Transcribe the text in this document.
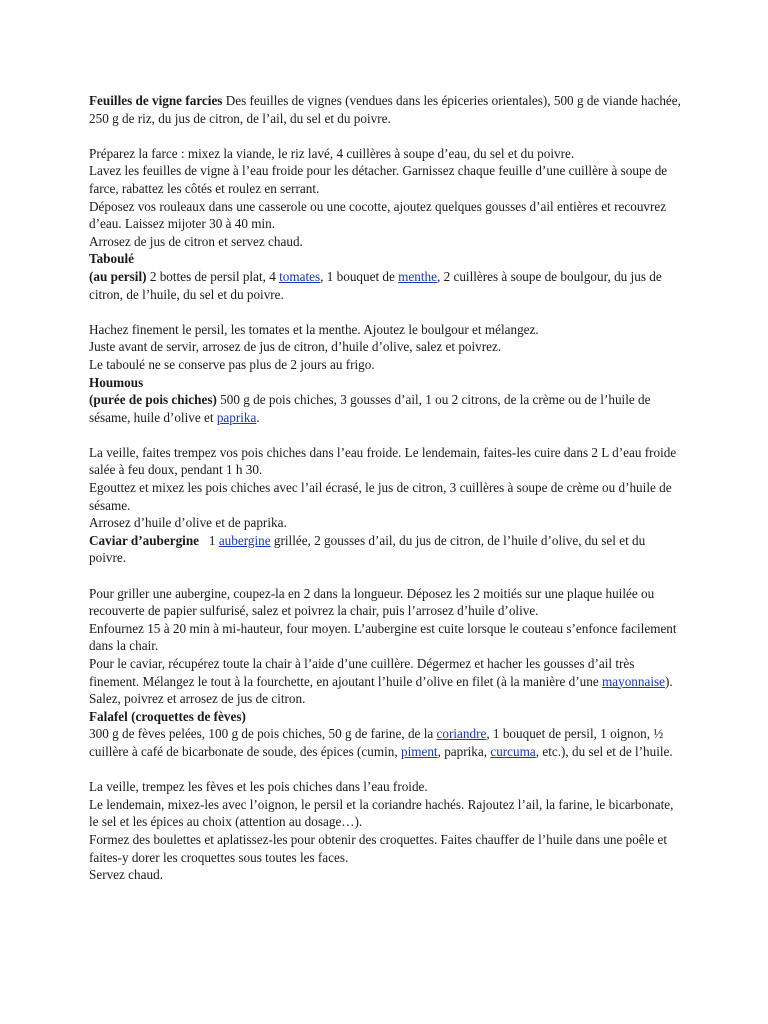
Feuilles de vigne farcies Des feuilles de vignes (vendues dans les épiceries orientales), 500 g de viande hachée, 250 g de riz, du jus de citron, de l’ail, du sel et du poivre.

Préparez la farce : mixez la viande, le riz lavé, 4 cuillères à soupe d’eau, du sel et du poivre.

Lavez les feuilles de vigne à l’eau froide pour les détacher. Garnissez chaque feuille d’une cuillère à soupe de farce, rabattez les côtés et roulez en serrant.

Déposez vos rouleaux dans une casserole ou une cocotte, ajoutez quelques gousses d’ail entières et recouvrez d’eau. Laissez mijoter 30 à 40 min.

Arrosez de jus de citron et servez chaud.

Taboulé

(au persil) 2 bottes de persil plat, 4 tomates, 1 bouquet de menthe, 2 cuillères à soupe de boulgour, du jus de citron, de l’huile, du sel et du poivre.

Hachez finement le persil, les tomates et la menthe. Ajoutez le boulgour et mélangez.

Juste avant de servir, arrosez de jus de citron, d’huile d’olive, salez et poivrez.

Le taboulé ne se conserve pas plus de 2 jours au frigo.

Houmous

(purée de pois chiches) 500 g de pois chiches, 3 gousses d’ail, 1 ou 2 citrons, de la crème ou de l’huile de sésame, huile d’olive et paprika.

La veille, faites trempez vos pois chiches dans l’eau froide. Le lendemain, faites-les cuire dans 2 L d’eau froide salée à feu doux, pendant 1 h 30.

Egouttez et mixez les pois chiches avec l’ail écrasé, le jus de citron, 3 cuillères à soupe de crème ou d’huile de sésame.

Arrosez d’huile d’olive et de paprika.

Caviar d’aubergine   1 aubergine grillée, 2 gousses d’ail, du jus de citron, de l’huile d’olive, du sel et du poivre.

Pour griller une aubergine, coupez-la en 2 dans la longueur. Déposez les 2 moitiés sur une plaque huilée ou recouverte de papier sulfurisé, salez et poivrez la chair, puis l’arrosez d’huile d’olive.

Enfournez 15 à 20 min à mi-hauteur, four moyen. L’aubergine est cuite lorsque le couteau s’enfonce facilement dans la chair.

Pour le caviar, récupérez toute la chair à l’aide d’une cuillère. Dégermez et hacher les gousses d’ail très finement. Mélangez le tout à la fourchette, en ajoutant l’huile d’olive en filet (à la manière d’une mayonnaise).

Salez, poivrez et arrosez de jus de citron.

Falafel (croquettes de fèves)

300 g de fèves pelées, 100 g de pois chiches, 50 g de farine, de la coriandre, 1 bouquet de persil, 1 oignon, ½ cuillère à café de bicarbonate de soude, des épices (cumin, piment, paprika, curcuma, etc.), du sel et de l’huile.

La veille, trempez les fèves et les pois chiches dans l’eau froide.

Le lendemain, mixez-les avec l’oignon, le persil et la coriandre hachés. Rajoutez l’ail, la farine, le bicarbonate, le sel et les épices au choix (attention au dosage…).

Formez des boulettes et aplatissez-les pour obtenir des croquettes. Faites chauffer de l’huile dans une poêle et faites-y dorer les croquettes sous toutes les faces.

Servez chaud.
